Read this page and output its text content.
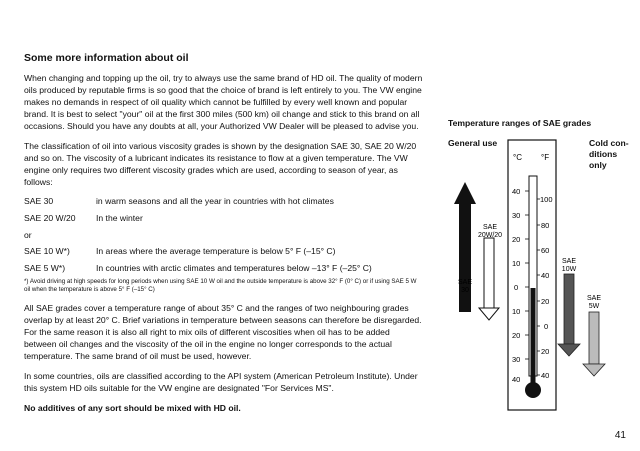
Some more information about oil

When changing and topping up the oil, try to always use the same brand of HD oil. The quality of modern oils produced by reputable firms is so good that the choice of brand is left entirely to you. The VW engine makes no demands in respect of oil quality which cannot be fulfilled by every well known and popular brand. It is best to select "your" oil at the first 300 miles (500 km) oil change and stick to this brand on all occasions. Should you have any doubts at all, your Authorized VW Dealer will be pleased to advise you.

The classification of oil into various viscosity grades is shown by the designation SAE 30, SAE 20 W/20 and so on. The viscosity of a lubricant indicates its resistance to flow at a given temperature. The VW engine only requires two different viscosity grades which are used, according to season of year, as follows:

SAE 30	in warm seasons and all the year in countries with hot climates
SAE 20 W/20	In the winter
or
SAE 10 W*)	In areas where the average temperature is below 5° F (–15° C)
SAE 5 W*)	In countries with arctic climates and temperatures below –13° F (–25° C)
*) Avoid driving at high speeds for long periods when using SAE 10 W oil and the outside temperature is above 32° F (0° C) or if using SAE 5 W oil when the temperature is above 5° F (–15° C)

All SAE grades cover a temperature range of about 35° C and the ranges of two neighbouring grades overlap by at least 20° C. Brief variations in temperature between seasons can therefore be disregarded. For the same reason it is also all right to mix oils of different viscosities when oil has to be added between oil changes and the viscosity of the oil in the engine no longer corresponds to the actual temperature. The same brand of oil must be used, however.

In some countries, oils are classified according to the API system (American Petroleum Institute). Under this system HD oils suitable for the VW engine are designated "For Services MS".

No additives of any sort should be mixed with HD oil.

Temperature ranges of SAE grades
General use	Cold con-ditions only
°C °F
40
30
20
10
0
10
20
30
40
100
80
60
40
20
0
20
40
SAE
30
SAE
20W/20
SAE
10W
SAE
5W
41
